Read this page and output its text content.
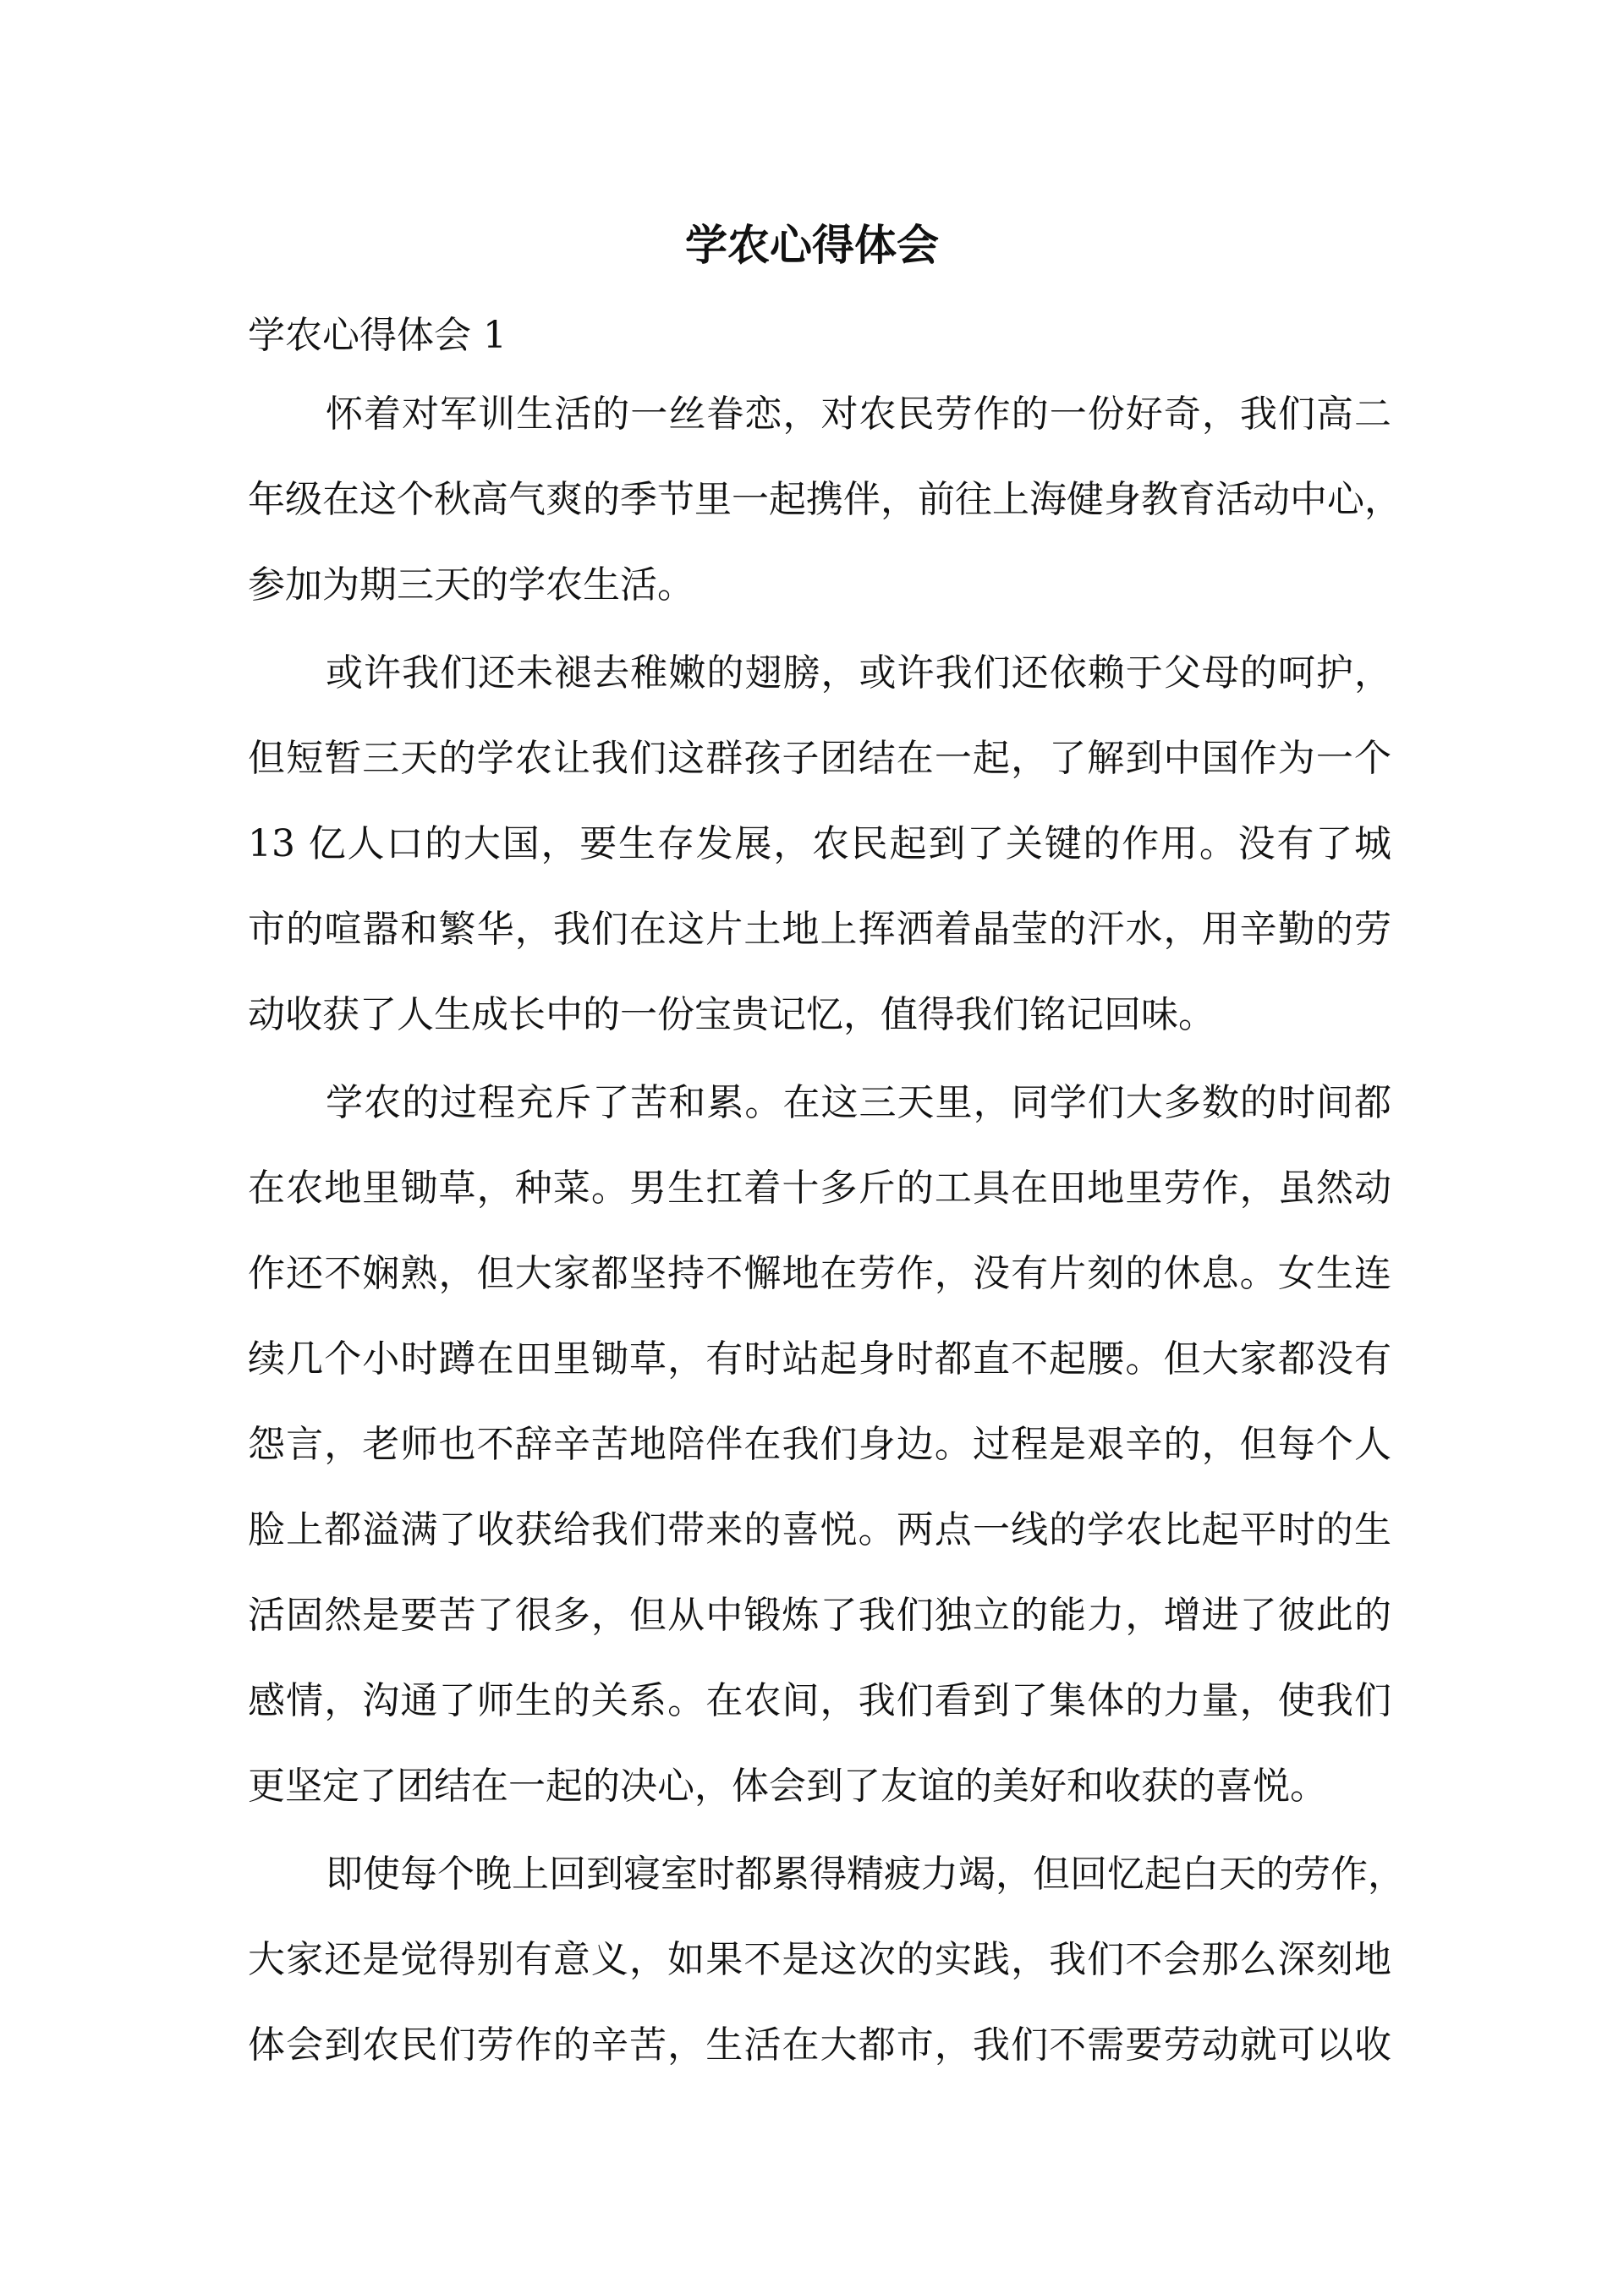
学农心得体会
学农心得体会 1
怀着对军训生活的一丝眷恋，对农民劳作的一份好奇，我们高二
年级在这个秋高气爽的季节里一起携伴，前往上海健身教育活动中心，
参加为期三天的学农生活。
或许我们还未褪去稚嫩的翅膀，或许我们还依赖于父母的呵护，
但短暂三天的学农让我们这群孩子团结在一起，了解到中国作为一个
13 亿人口的大国，要生存发展，农民起到了关键的作用。没有了城
市的喧嚣和繁华，我们在这片土地上挥洒着晶莹的汗水，用辛勤的劳
动收获了人生成长中的一份宝贵记忆，值得我们铭记回味。
学农的过程充斥了苦和累。在这三天里，同学们大多数的时间都
在农地里锄草，种菜。男生扛着十多斤的工具在田地里劳作，虽然动
作还不娴熟，但大家都坚持不懈地在劳作，没有片刻的休息。女生连
续几个小时蹲在田里锄草，有时站起身时都直不起腰。但大家都没有
怨言，老师也不辞辛苦地陪伴在我们身边。过程是艰辛的，但每个人
脸上都溢满了收获给我们带来的喜悦。两点一线的学农比起平时的生
活固然是要苦了很多，但从中锻炼了我们独立的能力，增进了彼此的
感情，沟通了师生的关系。在农间，我们看到了集体的力量，使我们
更坚定了团结在一起的决心，体会到了友谊的美好和收获的喜悦。
即使每个晚上回到寝室时都累得精疲力竭，但回忆起白天的劳作，
大家还是觉得别有意义，如果不是这次的实践，我们不会那么深刻地
体会到农民们劳作的辛苦，生活在大都市，我们不需要劳动就可以收
